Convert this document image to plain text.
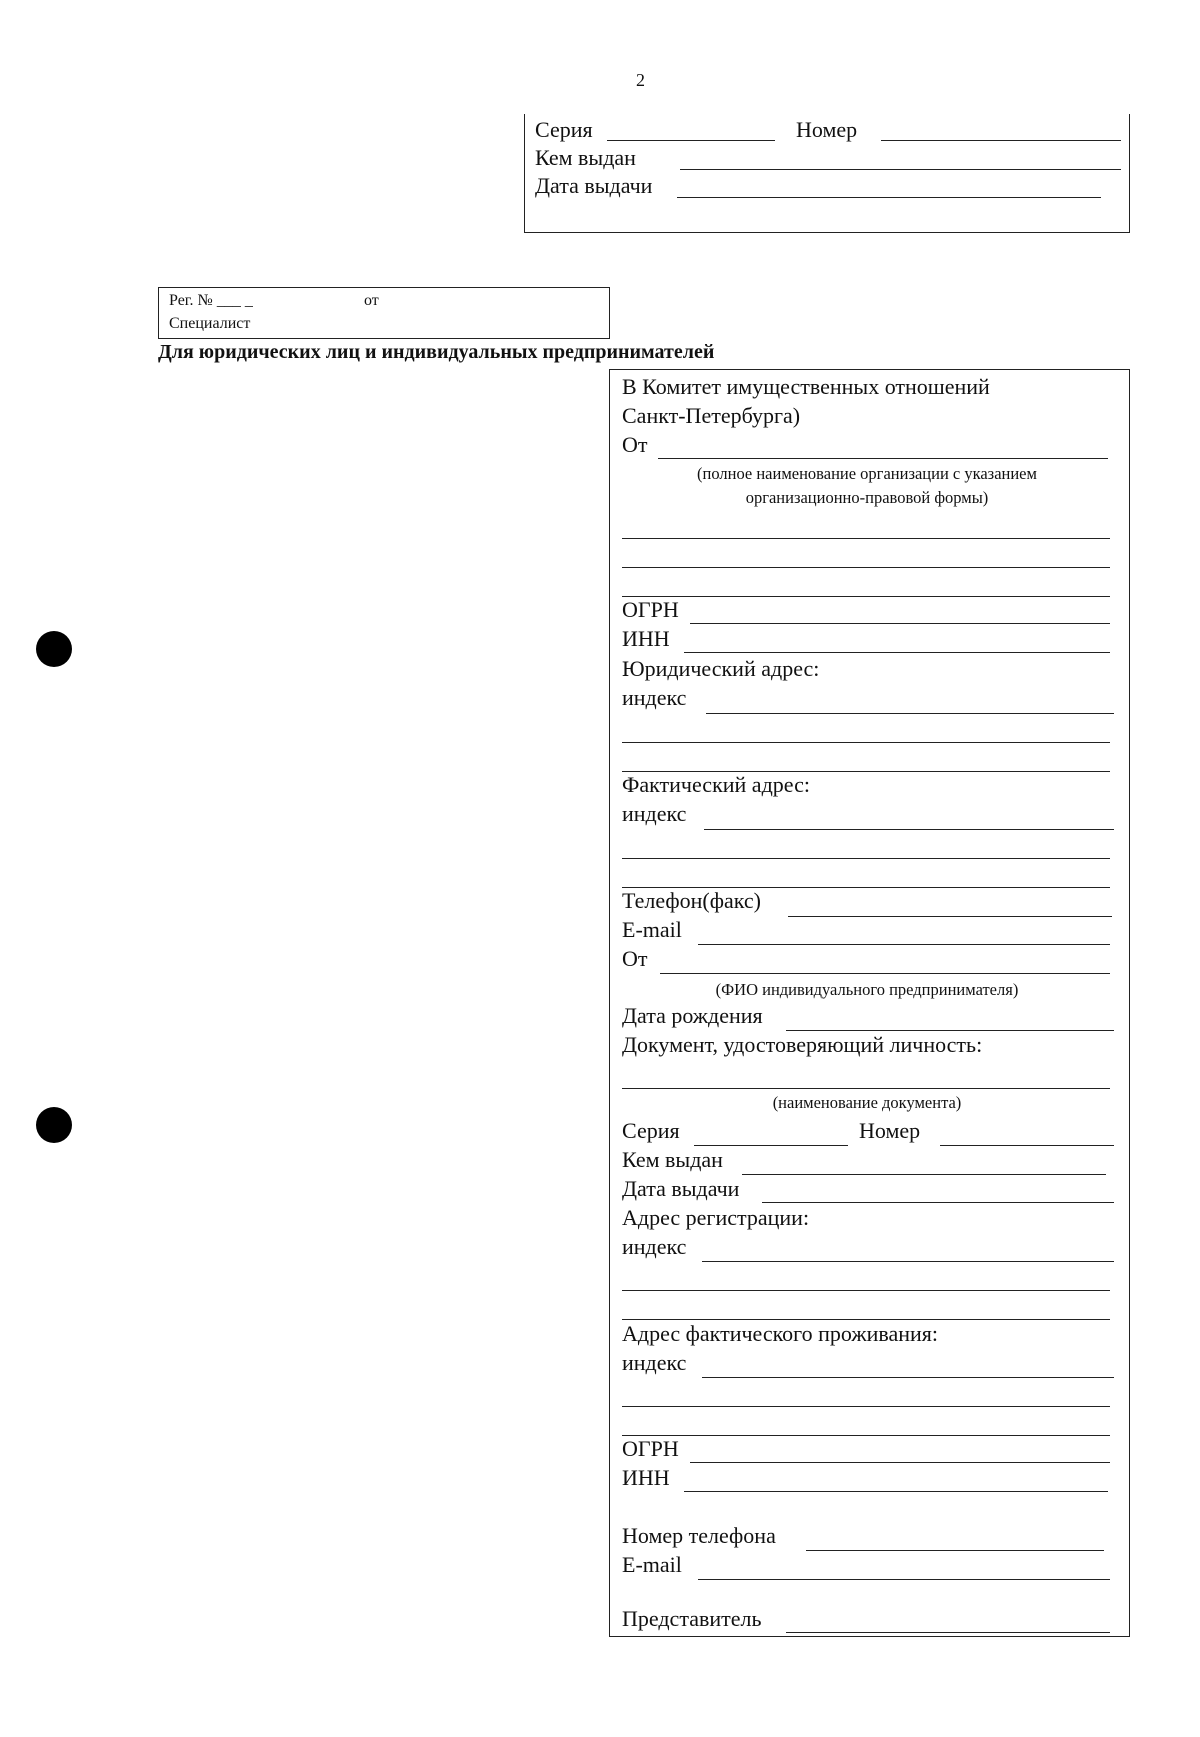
2
Серия	Номер
Кем выдан
Дата выдачи
Рег. № ___ _	от
Специалист
Для юридических лиц и индивидуальных предпринимателей
В Комитет имущественных отношений
Санкт-Петербурга)
От
(полное наименование организации с указанием
организационно-правовой формы)
ОГРН
ИНН
Юридический адрес:
индекс
Фактический адрес:
индекс
Телефон(факс)
E-mail
От
(ФИО индивидуального предпринимателя)
Дата рождения
Документ, удостоверяющий личность:
(наименование документа)
Серия	Номер
Кем выдан
Дата выдачи
Адрес регистрации:
индекс
Адрес фактического проживания:
индекс
ОГРН
ИНН
Номер телефона
E-mail
Представитель
